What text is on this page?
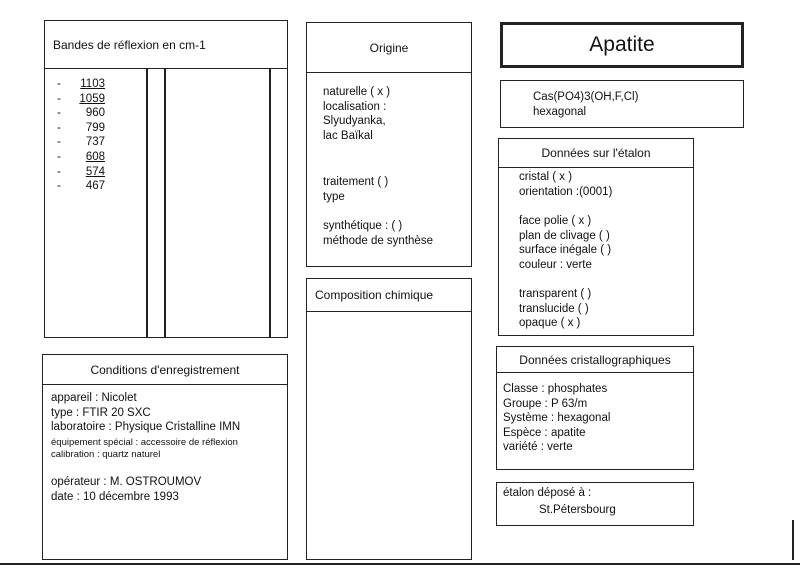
Bandes de réflexion en cm-1
-	1103
-	1059
-	960
-	799
-	737
-	608
-	574
-	467
Origine
naturelle ( x )
localisation :
Slyudyanka,
lac Baïkal
traitement ( )
type
synthétique : ( )
méthode de synthèse
Composition chimique
Apatite
Cas(PO4)3(OH,F,Cl)
hexagonal
Données sur l'étalon
cristal ( x )
orientation :(0001)
face polie ( x )
plan de clivage ( )
surface inégale ( )
couleur : verte
transparent ( )
translucide ( )
opaque ( x )
Conditions d'enregistrement
appareil : Nicolet
type : FTIR 20 SXC
laboratoire : Physique Cristalline IMN
équipement spécial : accessoire de réflexion
calibration : quartz naturel
opérateur : M. OSTROUMOV
date : 10 décembre 1993
Données cristallographiques
Classe : phosphates
Groupe : P 63/m
Système : hexagonal
Espèce : apatite
variété : verte
étalon déposé à :
St.Pétersbourg
